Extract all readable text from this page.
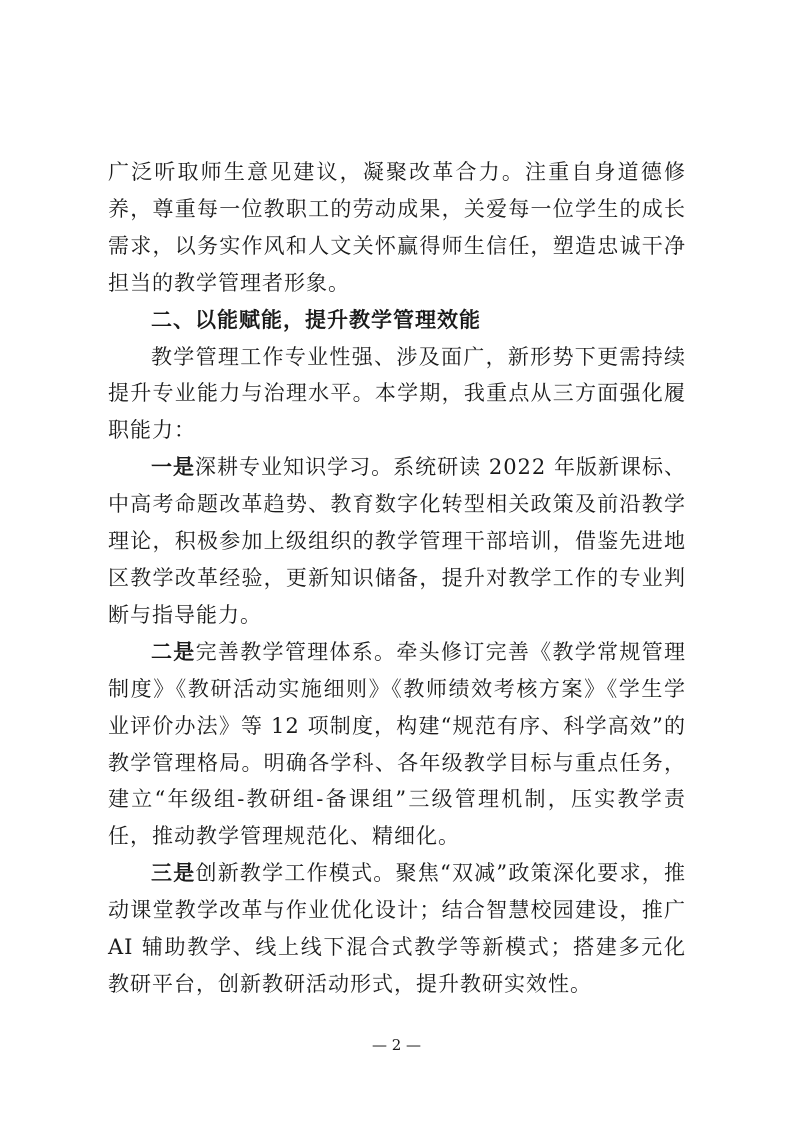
广泛听取师生意见建议，凝聚改革合力。注重自身道德修养，尊重每一位教职工的劳动成果，关爱每一位学生的成长需求，以务实作风和人文关怀赢得师生信任，塑造忠诚干净担当的教学管理者形象。

二、以能赋能，提升教学管理效能

教学管理工作专业性强、涉及面广，新形势下更需持续提升专业能力与治理水平。本学期，我重点从三方面强化履职能力：

一是深耕专业知识学习。系统研读 2022 年版新课标、中高考命题改革趋势、教育数字化转型相关政策及前沿教学理论，积极参加上级组织的教学管理干部培训，借鉴先进地区教学改革经验，更新知识储备，提升对教学工作的专业判断与指导能力。

二是完善教学管理体系。牵头修订完善《教学常规管理制度》《教研活动实施细则》《教师绩效考核方案》《学生学业评价办法》等 12 项制度，构建“规范有序、科学高效”的教学管理格局。明确各学科、各年级教学目标与重点任务，建立“年级组-教研组-备课组”三级管理机制，压实教学责任，推动教学管理规范化、精细化。

三是创新教学工作模式。聚焦“双减”政策深化要求，推动课堂教学改革与作业优化设计；结合智慧校园建设，推广 AI 辅助教学、线上线下混合式教学等新模式；搭建多元化教研平台，创新教研活动形式，提升教研实效性。

— 2 —
